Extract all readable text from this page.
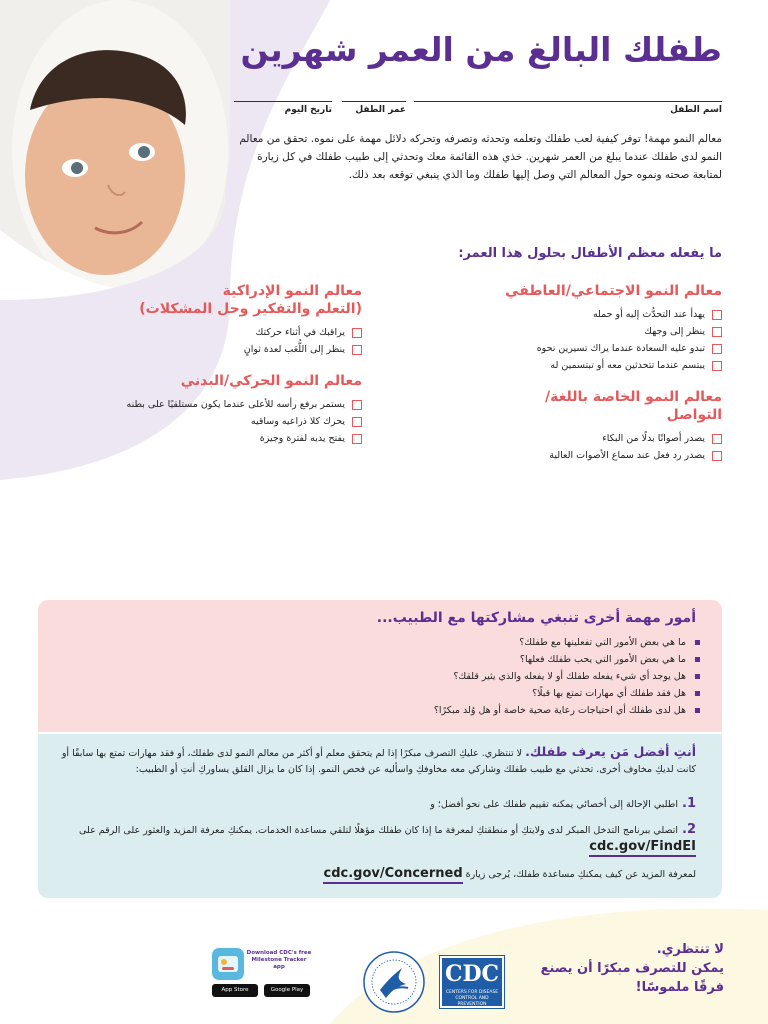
طفلك البالغ من العمر شهرين
اسم الطفل
عمر الطفل
تاريخ اليوم

معالم النمو مهمة! توفر كيفية لعب طفلك وتعلمه وتحدثه وتصرفه وتحركه دلائل مهمة على نموه. تحقق من معالم النمو لدى طفلك عندما يبلغ من العمر شهرين. خذي هذه القائمة معك وتحدثي إلى طبيب طفلك في كل زيارة لمتابعة صحته ونموه حول المعالم التي وصل إليها طفلك وما الذي ينبغي توقعه بعد ذلك.

ما يفعله معظم الأطفال بحلول هذا العمر:
معالم النمو الاجتماعي/العاطفي
يهدأ عند التحدُّث إليه أو حمله
ينظر إلى وجهك
تبدو عليه السعادة عندما يراك تسيرين نحوه
يبتسم عندما تتحدثين معه أو تبتسمين له
معالم النمو الخاصة باللغة/التواصل
يصدر أصواتًا بدلًا من البكاء
يصدر رد فعل عند سماع الأصوات العالية
معالم النمو الإدراكية
(التعلم والتفكير وحل المشكلات)
يراقبك في أثناء حركتك
ينظر إلى اللُّعَب لعدة ثوانٍ
معالم النمو الحركي/البدني
يستمر برفع رأسه للأعلى عندما يكون مستلقيًا على بطنه
يحرك كلا ذراعيه وساقيه
يفتح يديه لفترة وجيزة
أمور مهمة أخرى تنبغي مشاركتها مع الطبيب...
ما هي بعض الأمور التي تفعلينها مع طفلك؟
ما هي بعض الأمور التي يحب طفلك فعلها؟
هل يوجد أي شيء يفعله طفلك أو لا يفعله والذي يثير قلقك؟
هل فقد طفلك أي مهارات تمتع بها قبلًا؟
هل لدى طفلك أي احتياجات رعاية صحية خاصة أو هل وُلد مبكرًا؟

أنتِ أفضل مَن يعرف طفلك. لا تنتظري. عليكِ التصرف مبكرًا إذا لم يتحقق معلم أو أكثر من معالم النمو لدى طفلك، أو فقد مهارات تمتع بها سابقًا أو كانت لديكِ مخاوف أخرى. تحدثي مع طبيب طفلك وشاركي معه مخاوفكِ واسأليه عن فحص النمو. إذا كان ما يزال القلق يساوركِ أنتِ أو الطبيب:

1.اطلبي الإحالة إلى أخصائي يمكنه تقييم طفلك على نحو أفضل؛ و

2.اتصلي ببرنامج التدخل المبكر لدى ولايتكِ أو منطقتكِ لمعرفة ما إذا كان طفلك مؤهلًا لتلقي مساعدة الخدمات. يمكنكِ معرفة المزيد والعثور على الرقم على cdc.gov/FindEI

لمعرفة المزيد عن كيف يمكنكِ مساعدة طفلك، يُرجى زيارة cdc.gov/Concerned

Download CDC's free Milestone Tracker app
App Store	Google Play
CDC
CENTERS FOR DISEASE CONTROL AND PREVENTION

لا تنتظري.
يمكن للتصرف مبكرًا أن يصنع
فرقًا ملموسًا!
